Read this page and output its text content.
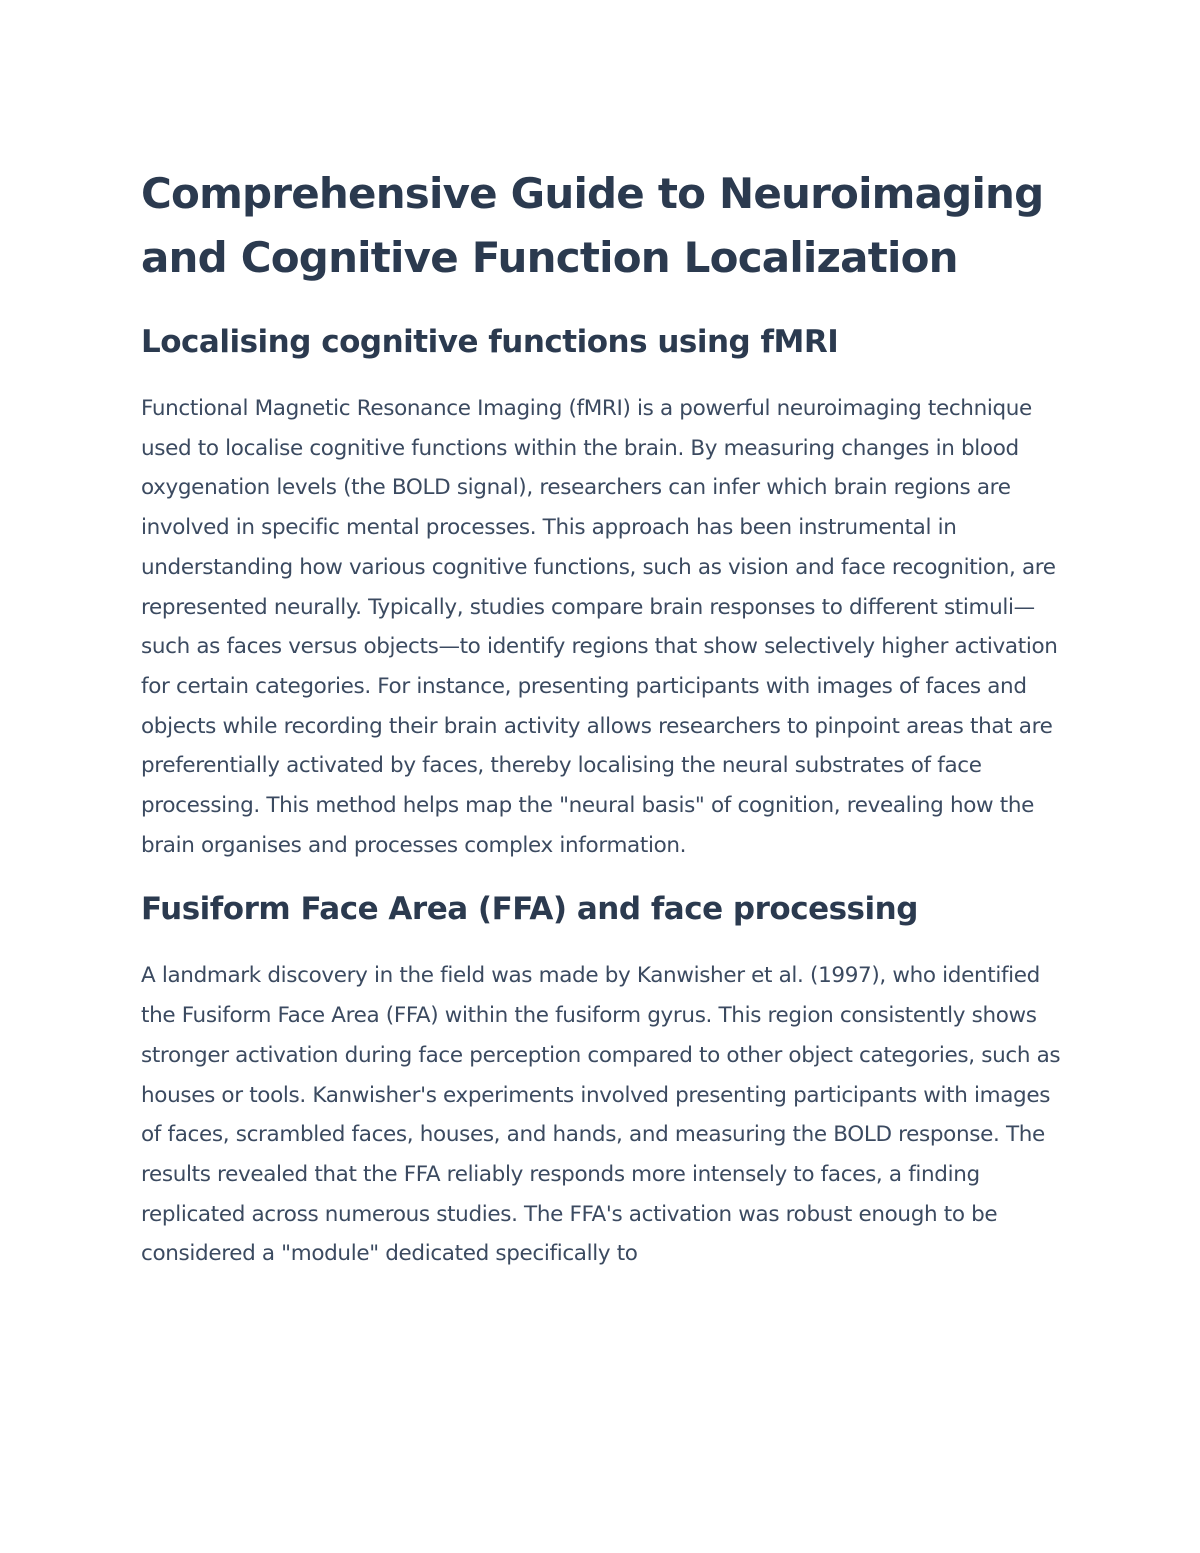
Comprehensive Guide to Neuroimaging and Cognitive Function Localization
Localising cognitive functions using fMRI

Functional Magnetic Resonance Imaging (fMRI) is a powerful neuroimaging technique used to localise cognitive functions within the brain. By measuring changes in blood oxygenation levels (the BOLD signal), researchers can infer which brain regions are involved in specific mental processes. This approach has been instrumental in understanding how various cognitive functions, such as vision and face recognition, are represented neurally. Typically, studies compare brain responses to different stimuli—such as faces versus objects—to identify regions that show selectively higher activation for certain categories. For instance, presenting participants with images of faces and objects while recording their brain activity allows researchers to pinpoint areas that are preferentially activated by faces, thereby localising the neural substrates of face processing. This method helps map the "neural basis" of cognition, revealing how the brain organises and processes complex information.

Fusiform Face Area (FFA) and face processing

A landmark discovery in the field was made by Kanwisher et al. (1997), who identified the Fusiform Face Area (FFA) within the fusiform gyrus. This region consistently shows stronger activation during face perception compared to other object categories, such as houses or tools. Kanwisher's experiments involved presenting participants with images of faces, scrambled faces, houses, and hands, and measuring the BOLD response. The results revealed that the FFA reliably responds more intensely to faces, a finding replicated across numerous studies. The FFA's activation was robust enough to be considered a "module" dedicated specifically to
